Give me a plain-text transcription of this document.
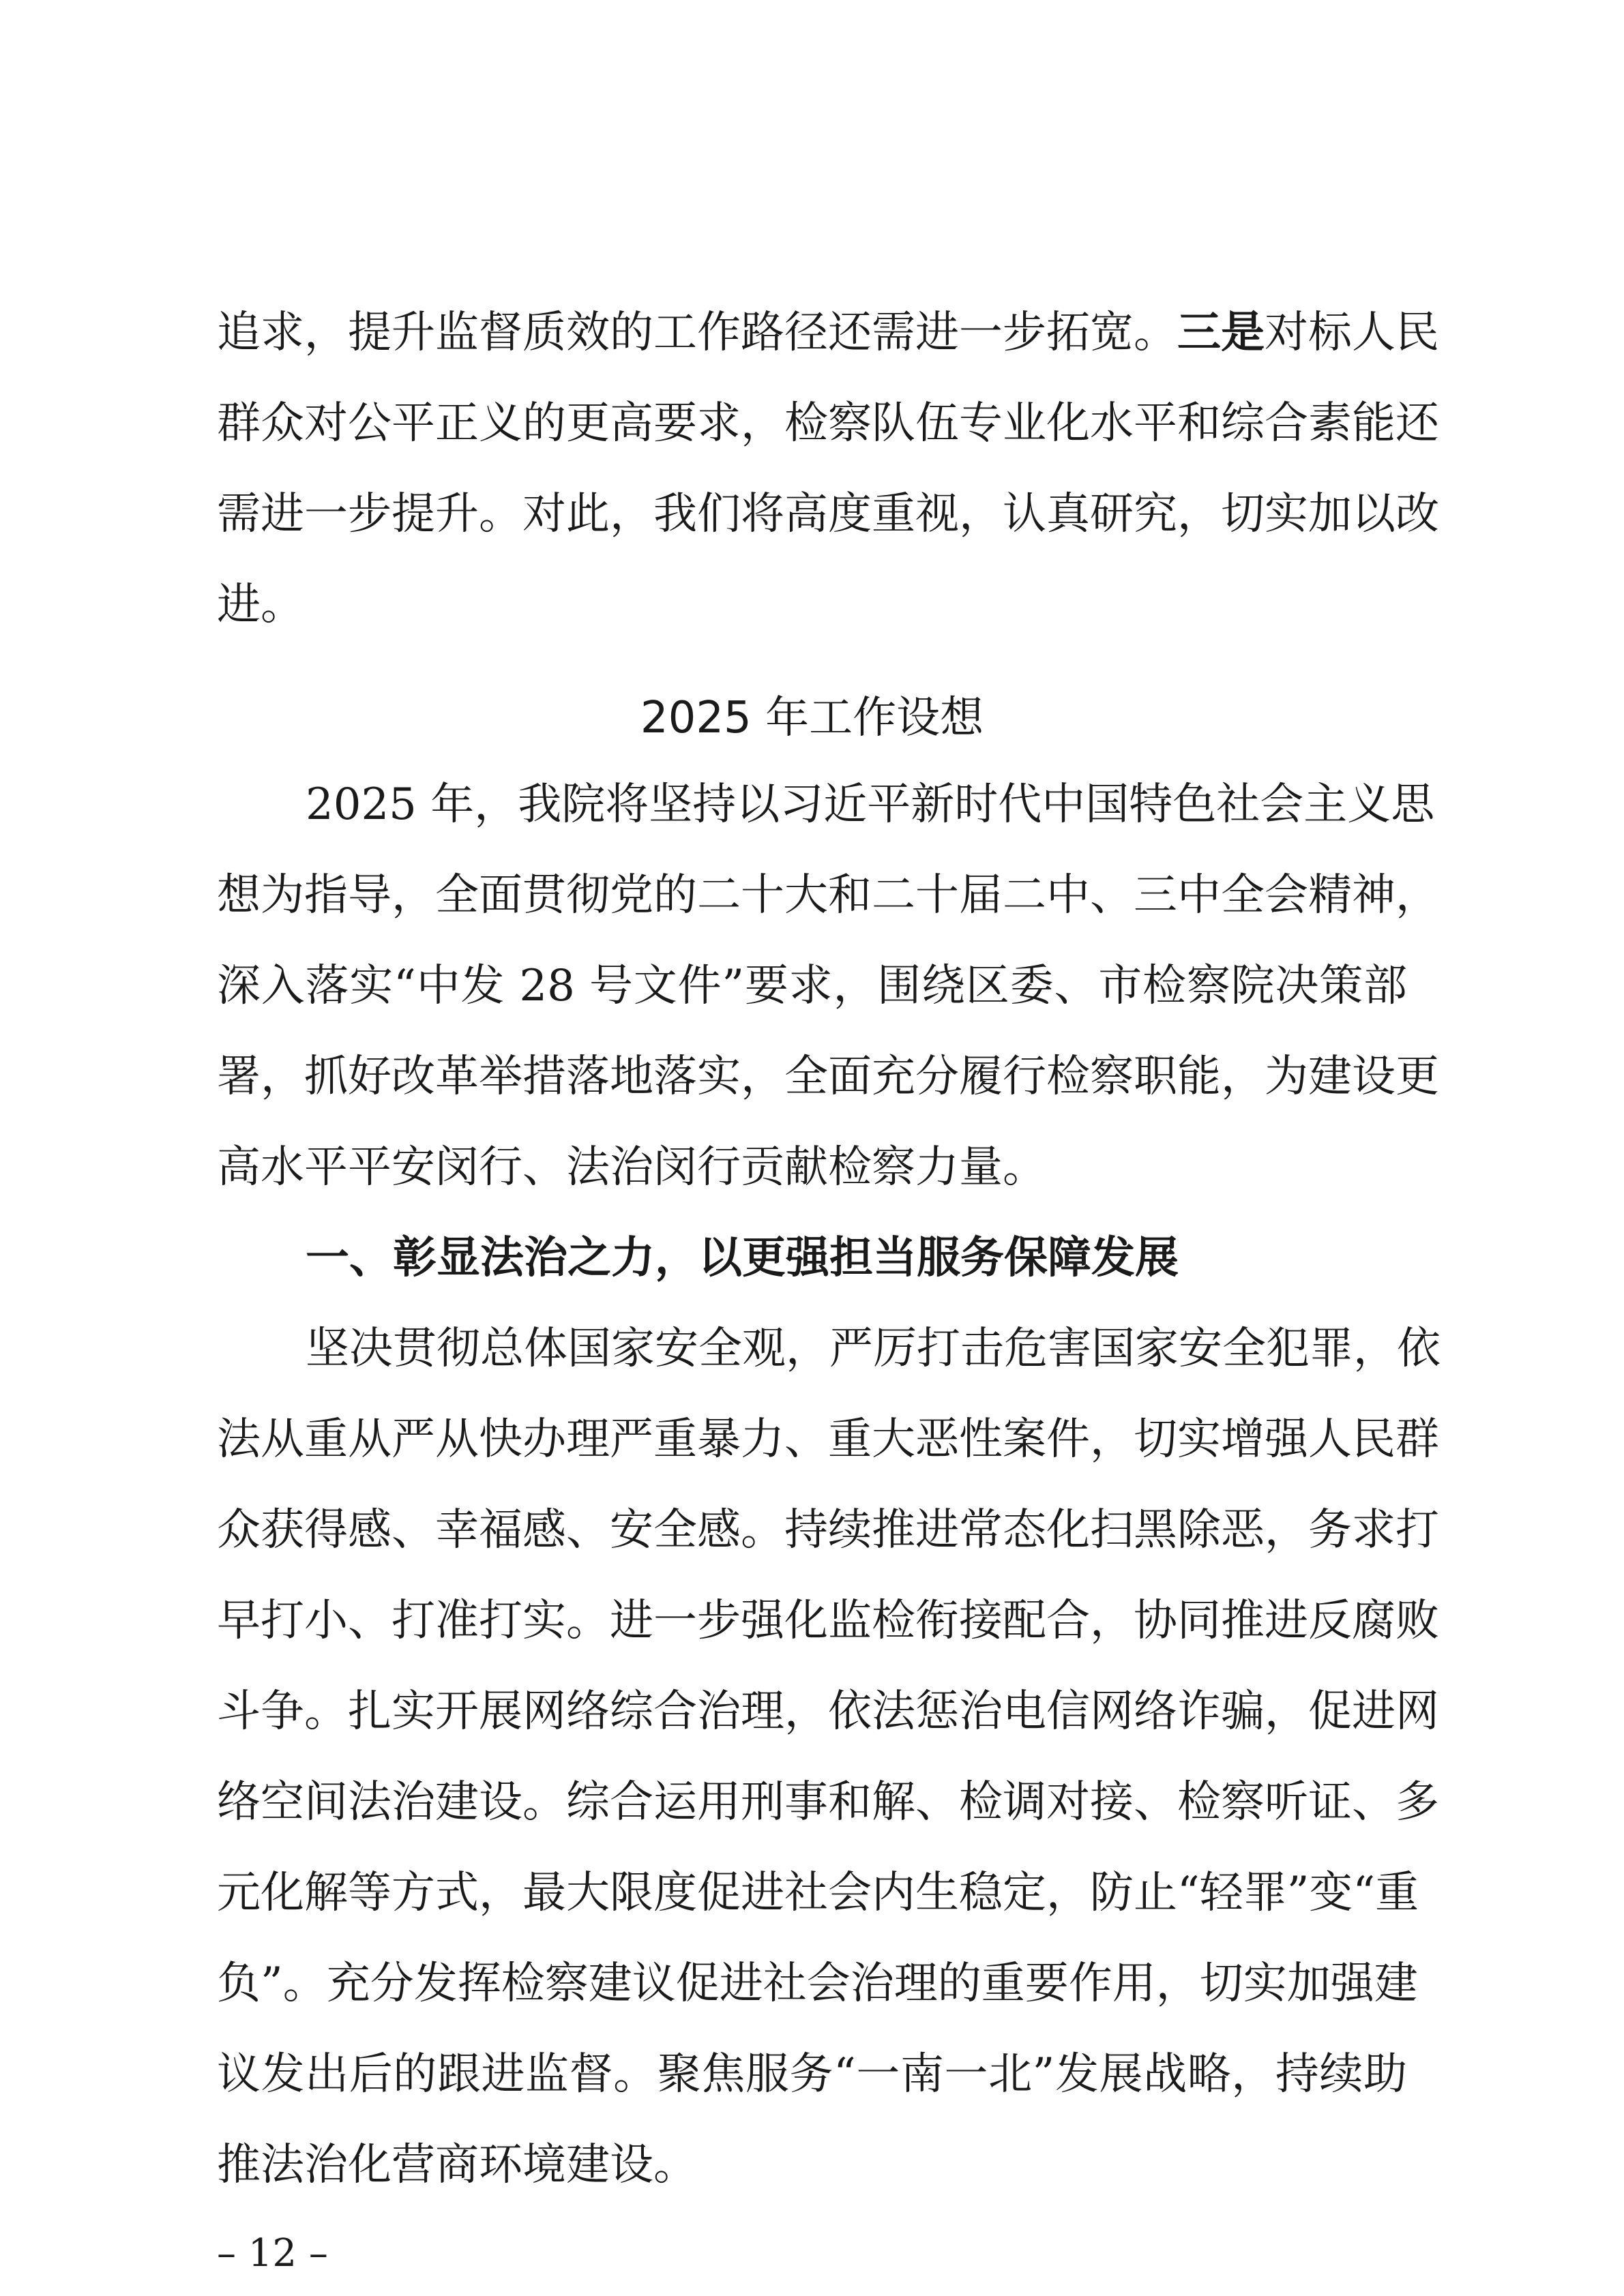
追求，提升监督质效的工作路径还需进一步拓宽。三是对标人民
群众对公平正义的更高要求，检察队伍专业化水平和综合素能还
需进一步提升。对此，我们将高度重视，认真研究，切实加以改
进。
2025 年工作设想
2025 年，我院将坚持以习近平新时代中国特色社会主义思
想为指导，全面贯彻党的二十大和二十届二中、三中全会精神，
深入落实“中发 28 号文件”要求，围绕区委、市检察院决策部
署，抓好改革举措落地落实，全面充分履行检察职能，为建设更
高水平平安闵行、法治闵行贡献检察力量。
一、彰显法治之力，以更强担当服务保障发展
坚决贯彻总体国家安全观，严厉打击危害国家安全犯罪，依
法从重从严从快办理严重暴力、重大恶性案件，切实增强人民群
众获得感、幸福感、安全感。持续推进常态化扫黑除恶，务求打
早打小、打准打实。进一步强化监检衔接配合，协同推进反腐败
斗争。扎实开展网络综合治理，依法惩治电信网络诈骗，促进网
络空间法治建设。综合运用刑事和解、检调对接、检察听证、多
元化解等方式，最大限度促进社会内生稳定，防止“轻罪”变“重
负”。充分发挥检察建议促进社会治理的重要作用，切实加强建
议发出后的跟进监督。聚焦服务“一南一北”发展战略，持续助
推法治化营商环境建设。
– 12 –
